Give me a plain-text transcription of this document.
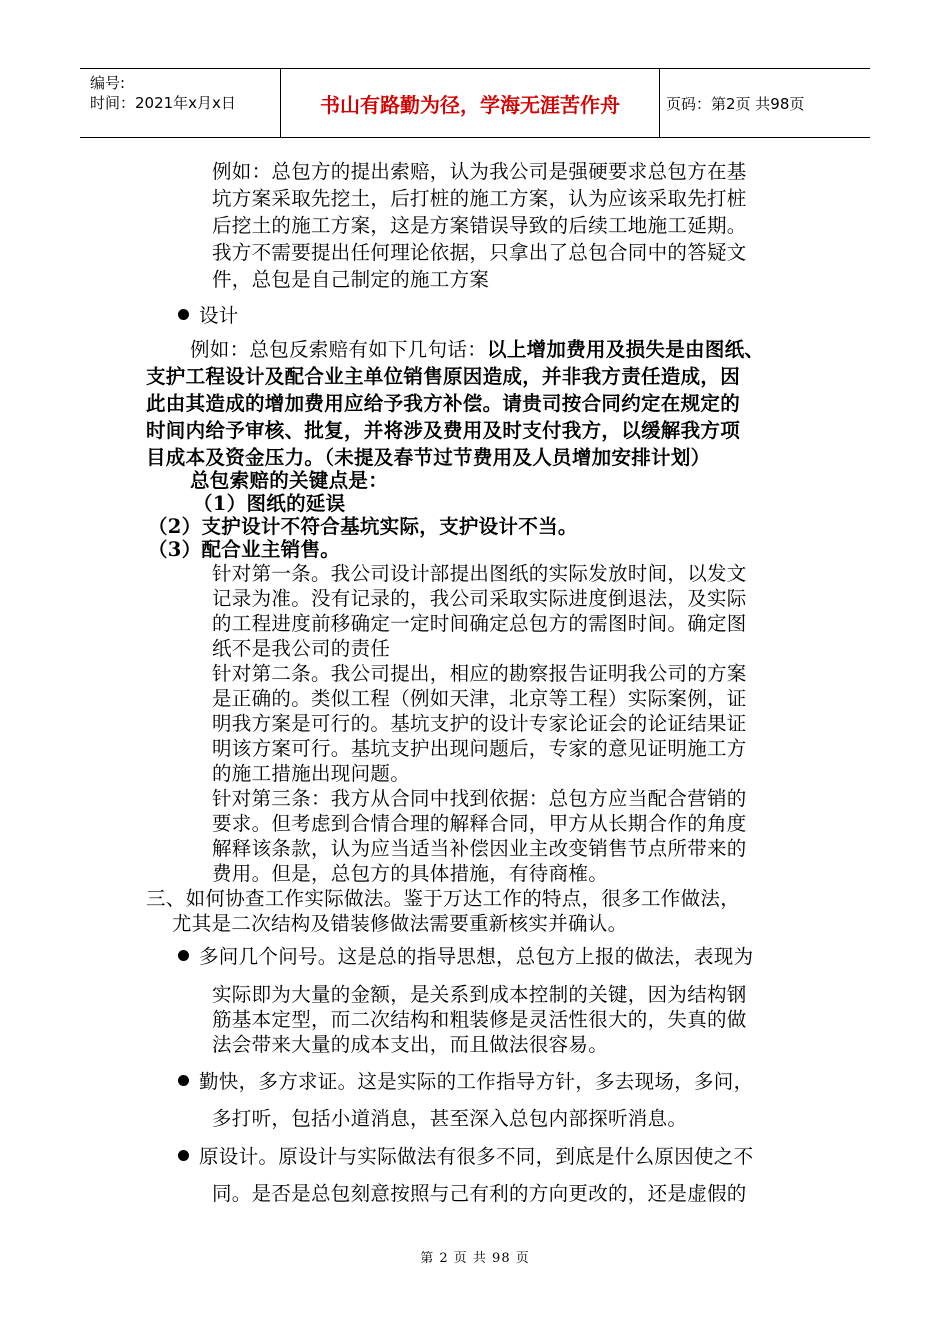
编号:
时间：2021年x月x日	书山有路勤为径，学海无涯苦作舟	页码：第2页 共98页
例如：总包方的提出索赔，认为我公司是强硬要求总包方在基
坑方案采取先挖土，后打桩的施工方案，认为应该采取先打桩
后挖土的施工方案，这是方案错误导致的后续工地施工延期。
我方不需要提出任何理论依据，只拿出了总包合同中的答疑文
件，总包是自己制定的施工方案
设计
例如：总包反索赔有如下几句话：以上增加费用及损失是由图纸、
支护工程设计及配合业主单位销售原因造成，并非我方责任造成，因
此由其造成的增加费用应给予我方补偿。请贵司按合同约定在规定的
时间内给予审核、批复，并将涉及费用及时支付我方，以缓解我方项
目成本及资金压力。（未提及春节过节费用及人员增加安排计划）
总包索赔的关键点是：
（1）图纸的延误
（2）支护设计不符合基坑实际，支护设计不当。
（3）配合业主销售。
针对第一条。我公司设计部提出图纸的实际发放时间，以发文
记录为准。没有记录的，我公司采取实际进度倒退法，及实际
的工程进度前移确定一定时间确定总包方的需图时间。确定图
纸不是我公司的责任
针对第二条。我公司提出，相应的勘察报告证明我公司的方案
是正确的。类似工程（例如天津，北京等工程）实际案例，证
明我方案是可行的。基坑支护的设计专家论证会的论证结果证
明该方案可行。基坑支护出现问题后，专家的意见证明施工方
的施工措施出现问题。
针对第三条：我方从合同中找到依据：总包方应当配合营销的
要求。但考虑到合情合理的解释合同，甲方从长期合作的角度
解释该条款，认为应当适当补偿因业主改变销售节点所带来的
费用。但是，总包方的具体措施，有待商榷。
三、如何协查工作实际做法。鉴于万达工作的特点，很多工作做法，
尤其是二次结构及错装修做法需要重新核实并确认。
多问几个问号。这是总的指导思想，总包方上报的做法，表现为
实际即为大量的金额，是关系到成本控制的关键，因为结构钢
筋基本定型，而二次结构和粗装修是灵活性很大的，失真的做
法会带来大量的成本支出，而且做法很容易。
勤快，多方求证。这是实际的工作指导方针，多去现场，多问，
多打听，包括小道消息，甚至深入总包内部探听消息。
原设计。原设计与实际做法有很多不同，到底是什么原因使之不
同。是否是总包刻意按照与己有利的方向更改的，还是虚假的
第 2 页 共 98 页
